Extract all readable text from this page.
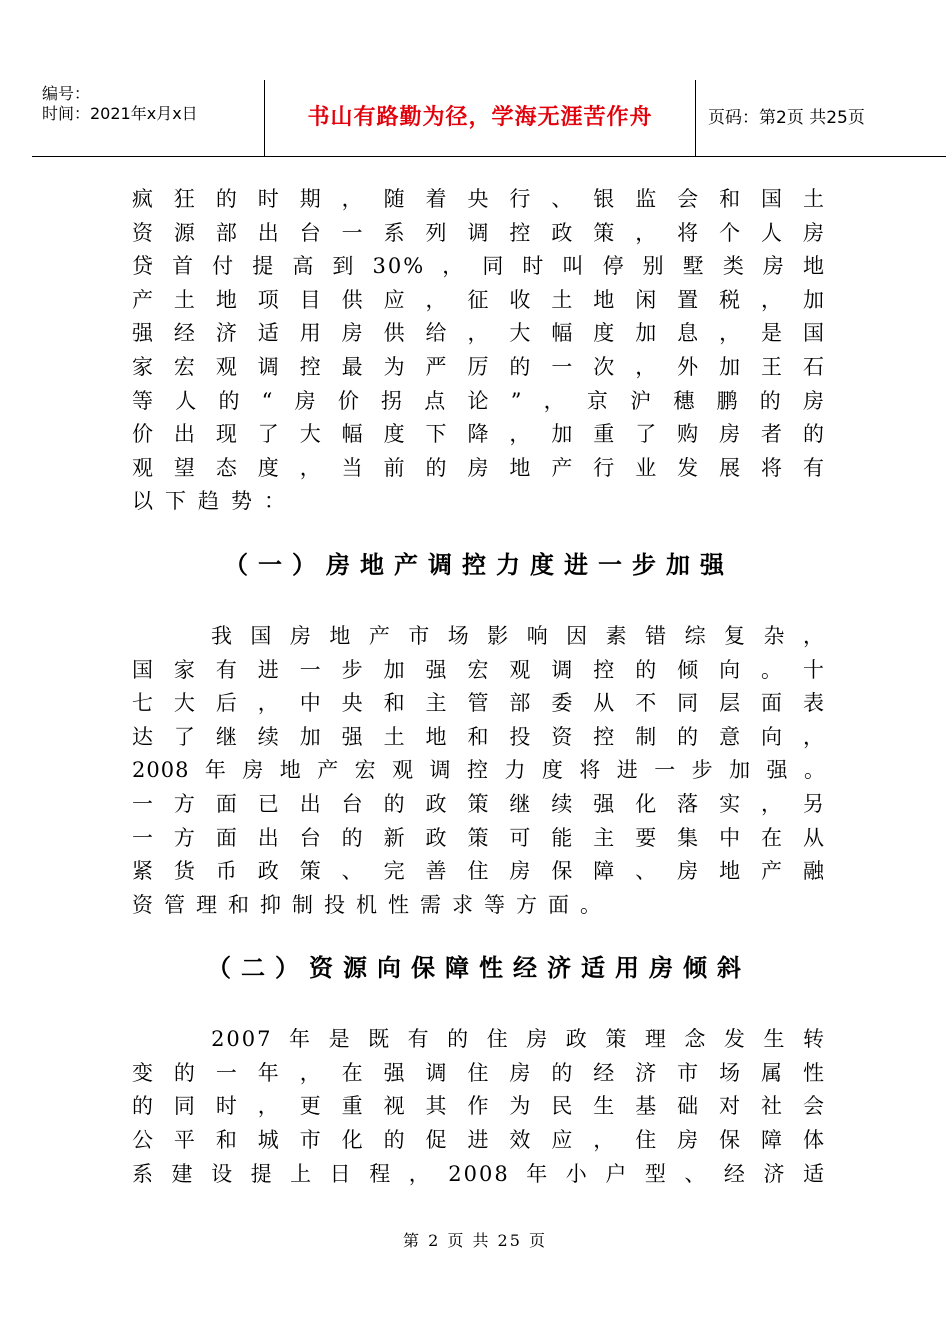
编号：
时间：2021年x月x日	书山有路勤为径，学海无涯苦作舟	页码：第2页 共25页
疯狂的时期，随着央行、银监会和国土
资源部出台一系列调控政策，将个人房
贷首付提高到30%，同时叫停别墅类房地
产土地项目供应，征收土地闲置税，加
强经济适用房供给，大幅度加息，是国
家宏观调控最为严厉的一次，外加王石
等人的“房价拐点论”，京沪穗鹏的房
价出现了大幅度下降，加重了购房者的
观望态度，当前的房地产行业发展将有
以下趋势：
（一）房地产调控力度进一步加强
　　我国房地产市场影响因素错综复杂，
国家有进一步加强宏观调控的倾向。十
七大后，中央和主管部委从不同层面表
达了继续加强土地和投资控制的意向，
2008年房地产宏观调控力度将进一步加强。
一方面已出台的政策继续强化落实，另
一方面出台的新政策可能主要集中在从
紧货币政策、完善住房保障、房地产融
资管理和抑制投机性需求等方面。
（二）资源向保障性经济适用房倾斜
　　2007年是既有的住房政策理念发生转
变的一年，在强调住房的经济市场属性
的同时，更重视其作为民生基础对社会
公平和城市化的促进效应，住房保障体
系建设提上日程，2008年小户型、经济适
第 2 页 共 25 页
